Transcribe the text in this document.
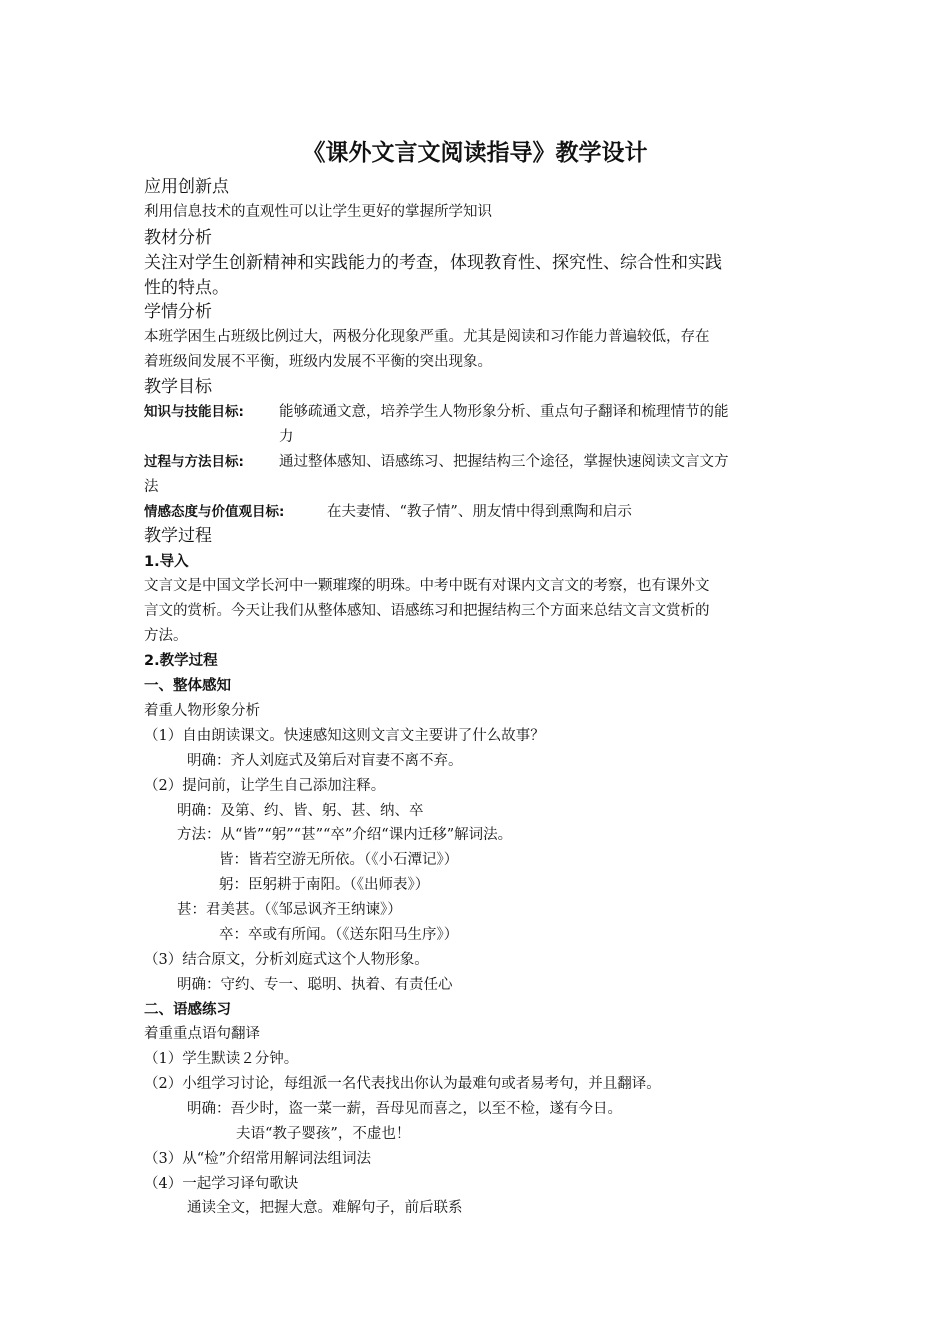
《课外文言文阅读指导》教学设计
应用创新点
利用信息技术的直观性可以让学生更好的掌握所学知识
教材分析
关注对学生创新精神和实践能力的考查，体现教育性、探究性、综合性和实践
性的特点。
学情分析
本班学困生占班级比例过大，两极分化现象严重。尤其是阅读和习作能力普遍较低，存在
着班级间发展不平衡，班级内发展不平衡的突出现象。
教学目标
知识与技能目标: 能够疏通文意，培养学生人物形象分析、重点句子翻译和梳理情节的能
力
过程与方法目标: 通过整体感知、语感练习、把握结构三个途径，掌握快速阅读文言文方
法
情感态度与价值观目标:	在夫妻情、“教子情”、朋友情中得到熏陶和启示
教学过程
1.导入
文言文是中国文学长河中一颗璀璨的明珠。中考中既有对课内文言文的考察，也有课外文
言文的赏析。今天让我们从整体感知、语感练习和把握结构三个方面来总结文言文赏析的
方法。
2.教学过程
一、整体感知
着重人物形象分析
（1）自由朗读课文。快速感知这则文言文主要讲了什么故事？
明确：齐人刘庭式及第后对盲妻不离不弃。
（2）提问前，让学生自己添加注释。
明确：及第、约、皆、躬、甚、纳、卒
方法：从“皆”“躬”“甚”“卒”介绍“课内迁移”解词法。
皆：皆若空游无所依。（《小石潭记》）
躬：臣躬耕于南阳。（《出师表》）
甚：君美甚。（《邹忌讽齐王纳谏》）
卒：卒或有所闻。（《送东阳马生序》）
（3）结合原文，分析刘庭式这个人物形象。
明确：守约、专一、聪明、执着、有责任心
二、语感练习
着重重点语句翻译
（1）学生默读２分钟。
（2）小组学习讨论，每组派一名代表找出你认为最难句或者易考句，并且翻译。
明确：吾少时，盗一菜一薪，吾母见而喜之，以至不检，遂有今日。
夫语“教子婴孩”，不虚也！
（3）从“检”介绍常用解词法组词法
（4）一起学习译句歌诀
通读全文，把握大意。难解句子，前后联系
